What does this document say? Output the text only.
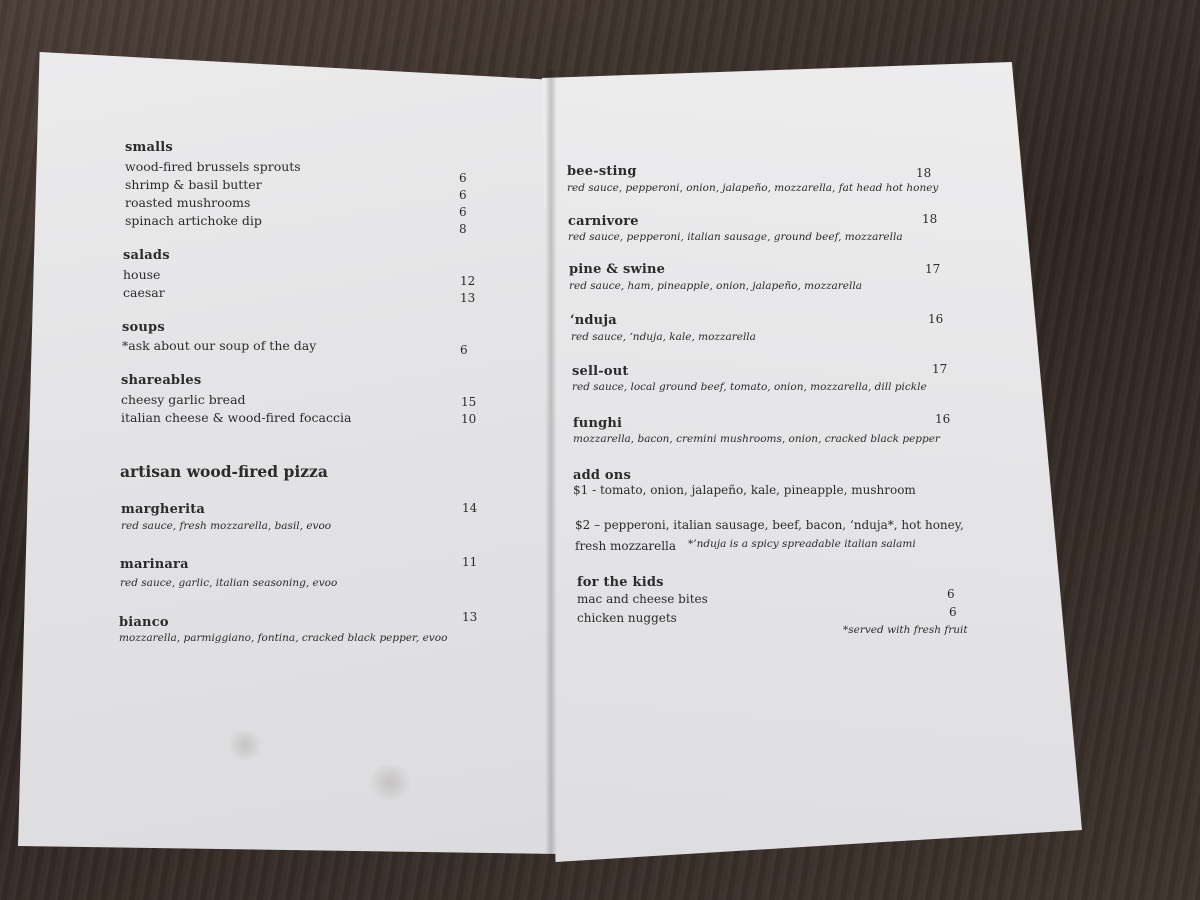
smalls
wood-fired brussels sprouts
shrimp & basil butter
roasted mushrooms
spinach artichoke dip
6
6
6
8
salads
house
caesar
12
13
soups
*ask about our soup of the day	6
shareables
cheesy garlic bread
italian cheese & wood-fired focaccia
15
10
artisan wood-fired pizza
margherita
red sauce, fresh mozzarella, basil, evoo
14
marinara
red sauce, garlic, italian seasoning, evoo
11
bianco
mozzarella, parmiggiano, fontina, cracked black pepper, evoo
13
bee-sting
red sauce, pepperoni, onion, jalapeño, mozzarella, fat head hot honey
18
carnivore
red sauce, pepperoni, italian sausage, ground beef, mozzarella
18
pine & swine
red sauce, ham, pineapple, onion, jalapeño, mozzarella
17
‘nduja
red sauce, ‘nduja, kale, mozzarella
16
sell-out
red sauce, local ground beef, tomato, onion, mozzarella, dill pickle
17
funghi
mozzarella, bacon, cremini mushrooms, onion, cracked black pepper
16
add ons
$1 - tomato, onion, jalapeño, kale, pineapple, mushroom
$2 – pepperoni, italian sausage, beef, bacon, ‘nduja*, hot honey,
fresh mozzarella *’nduja is a spicy spreadable italian salami
for the kids
mac and cheese bites
chicken nuggets
6
6
*served with fresh fruit
